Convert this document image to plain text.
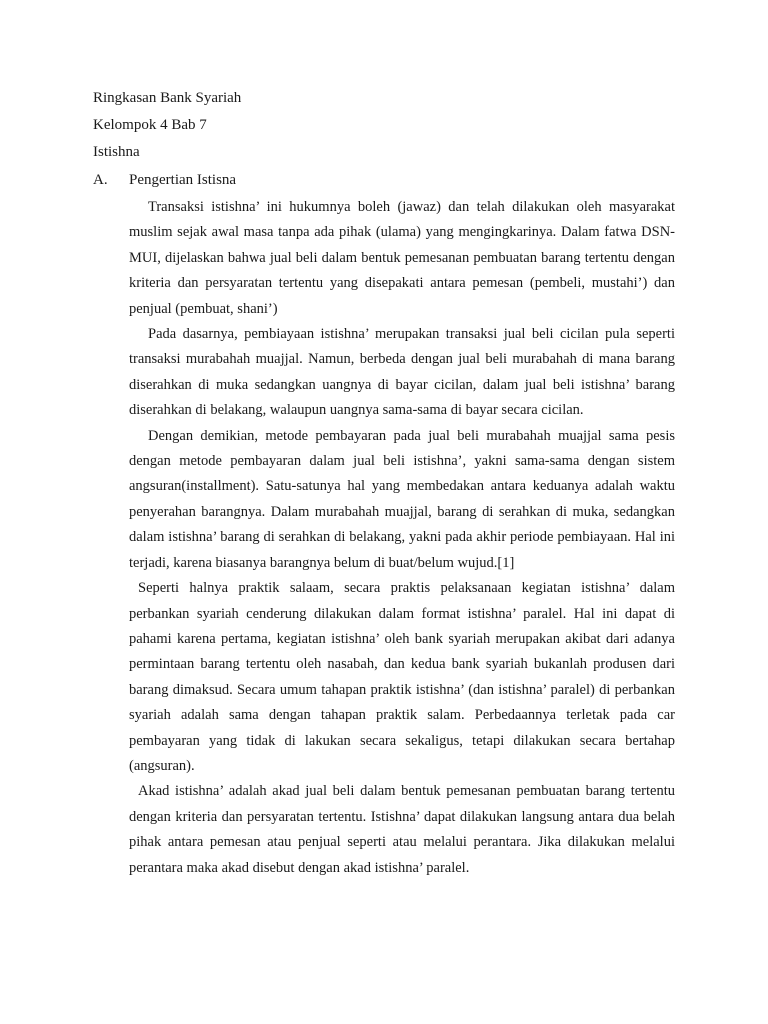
Ringkasan Bank Syariah
Kelompok 4 Bab 7
Istishna
A. Pengertian Istisna

Transaksi istishna’ ini hukumnya boleh (jawaz) dan telah dilakukan oleh masyarakat muslim sejak awal masa tanpa ada pihak (ulama) yang mengingkarinya. Dalam fatwa DSN-MUI, dijelaskan bahwa jual beli dalam bentuk pemesanan pembuatan barang tertentu dengan kriteria dan persyaratan tertentu yang disepakati antara pemesan (pembeli, mustahi’) dan penjual (pembuat, shani’)

Pada dasarnya, pembiayaan istishna’ merupakan transaksi jual beli cicilan pula seperti transaksi murabahah muajjal. Namun, berbeda dengan jual beli murabahah di mana barang diserahkan di muka sedangkan uangnya di bayar cicilan, dalam jual beli istishna’ barang diserahkan di belakang, walaupun uangnya sama-sama di bayar secara cicilan.

Dengan demikian, metode pembayaran pada jual beli murabahah muajjal sama pesis dengan metode pembayaran dalam jual beli istishna’, yakni sama-sama dengan sistem angsuran(installment). Satu-satunya hal yang membedakan antara keduanya adalah waktu penyerahan barangnya. Dalam murabahah muajjal, barang di serahkan di muka, sedangkan dalam istishna’ barang di serahkan di belakang, yakni pada akhir periode pembiayaan. Hal ini terjadi, karena biasanya barangnya belum di buat/belum wujud.[1]

Seperti halnya praktik salaam, secara praktis pelaksanaan kegiatan istishna’ dalam perbankan syariah cenderung dilakukan dalam format istishna’ paralel. Hal ini dapat di pahami karena pertama, kegiatan istishna’ oleh bank syariah merupakan akibat dari adanya permintaan barang tertentu oleh nasabah, dan kedua bank syariah bukanlah produsen dari barang dimaksud. Secara umum tahapan praktik istishna’ (dan istishna’ paralel) di perbankan syariah adalah sama dengan tahapan praktik salam. Perbedaannya terletak pada car pembayaran yang tidak di lakukan secara sekaligus, tetapi dilakukan secara bertahap (angsuran).

Akad istishna’ adalah akad jual beli dalam bentuk pemesanan pembuatan barang tertentu dengan kriteria dan persyaratan tertentu. Istishna’ dapat dilakukan langsung antara dua belah pihak antara pemesan atau penjual seperti atau melalui perantara. Jika dilakukan melalui perantara maka akad disebut dengan akad istishna’ paralel.
